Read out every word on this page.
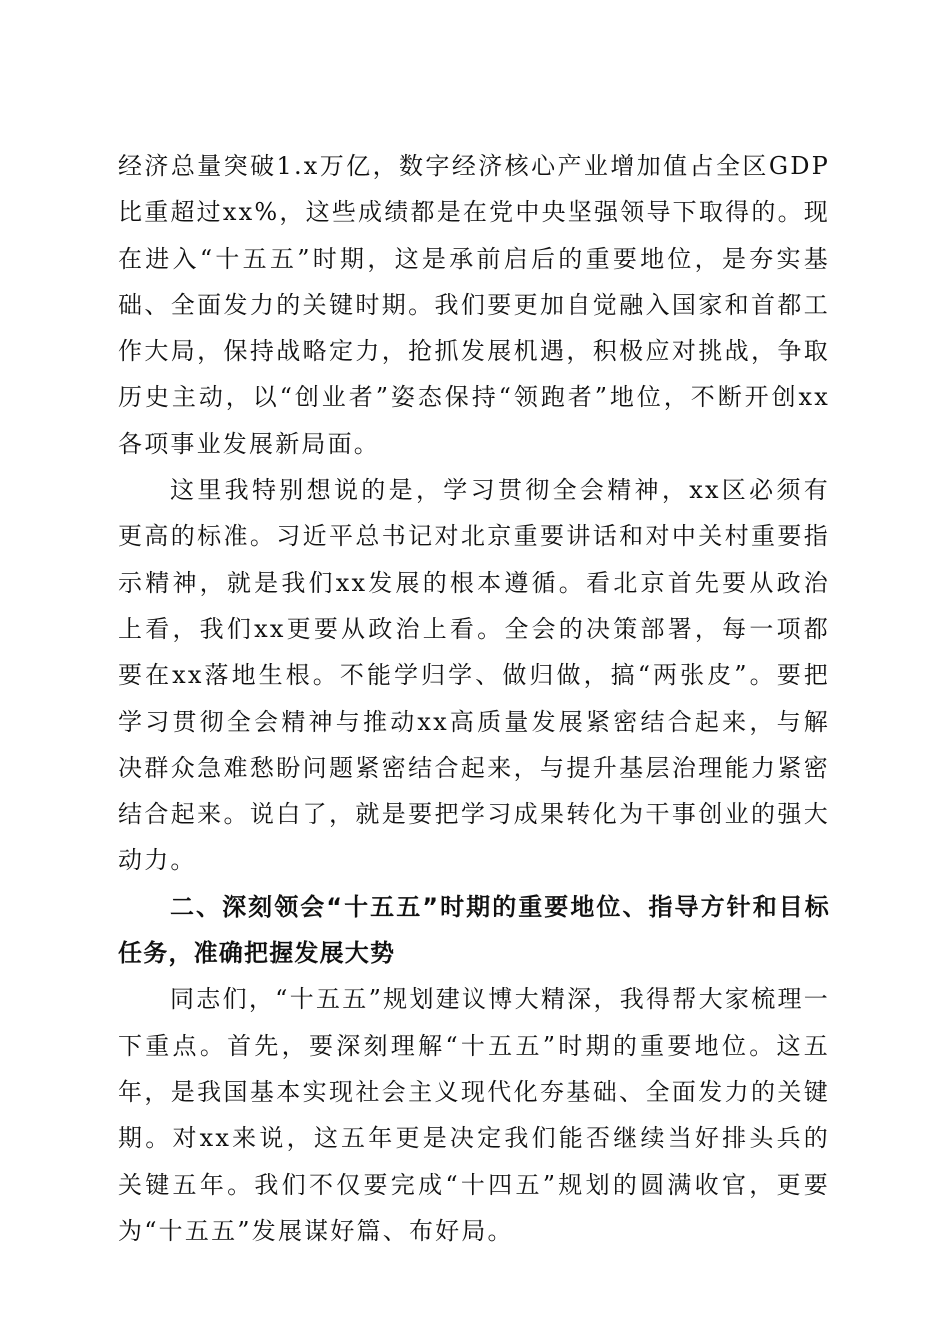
经济总量突破1.x万亿，数字经济核心产业增加值占全区GDP比重超过xx%，这些成绩都是在党中央坚强领导下取得的。现在进入“十五五”时期，这是承前启后的重要地位，是夯实基础、全面发力的关键时期。我们要更加自觉融入国家和首都工作大局，保持战略定力，抢抓发展机遇，积极应对挑战，争取历史主动，以“创业者”姿态保持“领跑者”地位，不断开创xx各项事业发展新局面。

这里我特别想说的是，学习贯彻全会精神，xx区必须有更高的标准。习近平总书记对北京重要讲话和对中关村重要指示精神，就是我们xx发展的根本遵循。看北京首先要从政治上看，我们xx更要从政治上看。全会的决策部署，每一项都要在xx落地生根。不能学归学、做归做，搞“两张皮”。要把学习贯彻全会精神与推动xx高质量发展紧密结合起来，与解决群众急难愁盼问题紧密结合起来，与提升基层治理能力紧密结合起来。说白了，就是要把学习成果转化为干事创业的强大动力。

二、深刻领会“十五五”时期的重要地位、指导方针和目标任务，准确把握发展大势

同志们，“十五五”规划建议博大精深，我得帮大家梳理一下重点。首先，要深刻理解“十五五”时期的重要地位。这五年，是我国基本实现社会主义现代化夯基础、全面发力的关键期。对xx来说，这五年更是决定我们能否继续当好排头兵的关键五年。我们不仅要完成“十四五”规划的圆满收官，更要为“十五五”发展谋好篇、布好局。
